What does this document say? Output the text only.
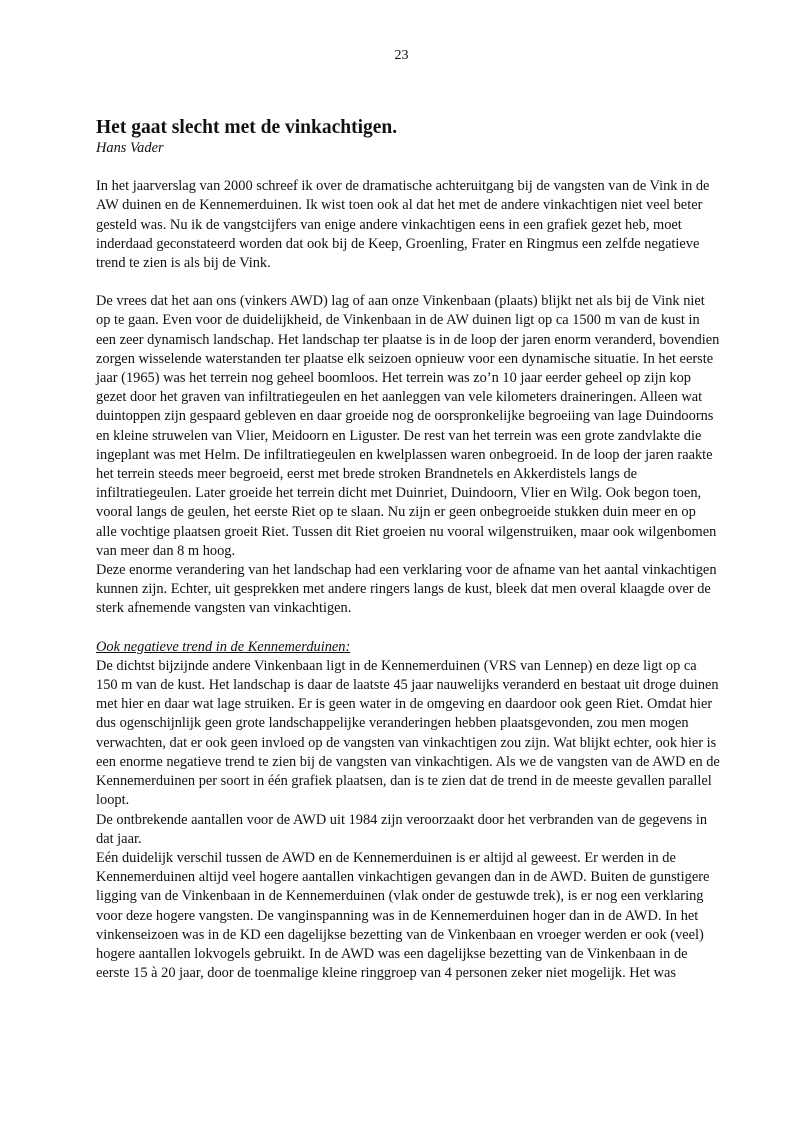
23
Het gaat slecht met de vinkachtigen.

Hans Vader

In het jaarverslag van 2000 schreef ik over de dramatische achteruitgang bij de vangsten van de Vink in de AW duinen en de Kennemerduinen. Ik wist toen ook al dat het met de andere vinkachtigen niet veel beter gesteld was. Nu ik de vangstcijfers van enige andere vinkachtigen eens in een grafiek gezet heb, moet inderdaad geconstateerd worden dat ook bij de Keep, Groenling, Frater en Ringmus een zelfde negatieve trend te zien is als bij de Vink.

De vrees dat het aan ons (vinkers AWD) lag of aan onze Vinkenbaan (plaats) blijkt net als bij de Vink niet op te gaan. Even voor de duidelijkheid, de Vinkenbaan in de AW duinen ligt op ca 1500 m van de kust in een zeer dynamisch landschap. Het landschap ter plaatse is in de loop der jaren enorm veranderd, bovendien zorgen wisselende waterstanden ter plaatse elk seizoen opnieuw voor een dynamische situatie. In het eerste jaar (1965) was het terrein nog geheel boomloos. Het terrein was zo’n 10 jaar eerder geheel op zijn kop gezet door het graven van infiltratiegeulen en het aanleggen van vele kilometers draineringen. Alleen wat duintoppen zijn gespaard gebleven en daar groeide nog de oorspronkelijke begroeiing van lage Duindoorns en kleine struwelen van Vlier, Meidoorn en Liguster. De rest van het terrein was een grote zandvlakte die ingeplant was met Helm. De infiltratiegeulen en kwelplassen waren onbegroeid. In de loop der jaren raakte het terrein steeds meer begroeid, eerst met brede stroken Brandnetels en Akkerdistels langs de infiltratiegeulen. Later groeide het terrein dicht met Duinriet, Duindoorn, Vlier en Wilg. Ook begon toen, vooral langs de geulen, het eerste Riet op te slaan. Nu zijn er geen onbegroeide stukken duin meer en op alle vochtige plaatsen groeit Riet. Tussen dit Riet groeien nu vooral wilgenstruiken, maar ook wilgenbomen van meer dan 8 m hoog.

Deze enorme verandering van het landschap had een verklaring voor de afname van het aantal vinkachtigen kunnen zijn. Echter, uit gesprekken met andere ringers langs de kust, bleek dat men overal klaagde over de sterk afnemende vangsten van vinkachtigen.

Ook negatieve trend in de Kennemerduinen:

De dichtst bijzijnde andere Vinkenbaan ligt in de Kennemerduinen (VRS van Lennep) en deze ligt op ca 150 m van de kust. Het landschap is daar de laatste 45 jaar nauwelijks veranderd en bestaat uit droge duinen met hier en daar wat lage struiken. Er is geen water in de omgeving en daardoor ook geen Riet. Omdat hier dus ogenschijnlijk geen grote landschappelijke veranderingen hebben plaatsgevonden, zou men mogen verwachten, dat er ook geen invloed op de vangsten van vinkachtigen zou zijn. Wat blijkt echter, ook hier is een enorme negatieve trend te zien bij de vangsten van vinkachtigen. Als we de vangsten van de AWD en de Kennemerduinen per soort in één grafiek plaatsen, dan is te zien dat de trend in de meeste gevallen parallel loopt.

De ontbrekende aantallen voor de AWD uit 1984 zijn veroorzaakt door het verbranden van de gegevens in dat jaar.

Eén duidelijk verschil tussen de AWD en de Kennemerduinen is er altijd al geweest. Er werden in de Kennemerduinen altijd veel hogere aantallen vinkachtigen gevangen dan in de AWD. Buiten de gunstigere ligging van de Vinkenbaan in de Kennemerduinen (vlak onder de gestuwde trek), is er nog een verklaring voor deze hogere vangsten. De vanginspanning was in de Kennemerduinen hoger dan in de AWD. In het vinkenseizoen was in de KD een dagelijkse bezetting van de Vinkenbaan en vroeger werden er ook (veel) hogere aantallen lokvogels gebruikt. In de AWD was een dagelijkse bezetting van de Vinkenbaan in de eerste 15 à 20 jaar, door de toenmalige kleine ringgroep van 4 personen zeker niet mogelijk. Het was
